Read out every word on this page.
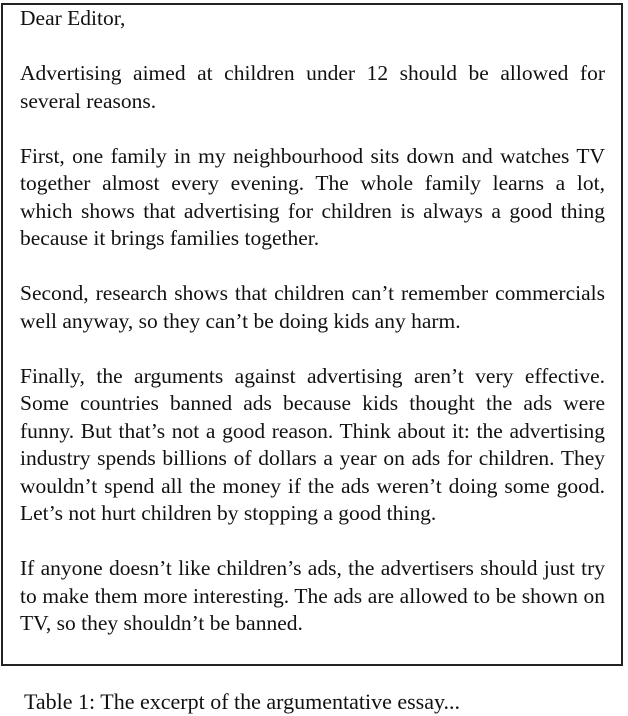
Dear Editor,

Advertising aimed at children under 12 should be allowed for several reasons.

First, one family in my neighbourhood sits down and watches TV together almost every evening. The whole family learns a lot, which shows that advertising for children is always a good thing because it brings families together.

Second, research shows that children can’t remember commercials well anyway, so they can’t be doing kids any harm.

Finally, the arguments against advertising aren’t very effective. Some countries banned ads because kids thought the ads were funny. But that’s not a good reason. Think about it: the advertising industry spends billions of dollars a year on ads for children. They wouldn’t spend all the money if the ads weren’t doing some good. Let’s not hurt children by stopping a good thing.

If anyone doesn’t like children’s ads, the advertisers should just try to make them more interesting. The ads are allowed to be shown on TV, so they shouldn’t be banned.

Table 1: The excerpt of the argumentative essay...
